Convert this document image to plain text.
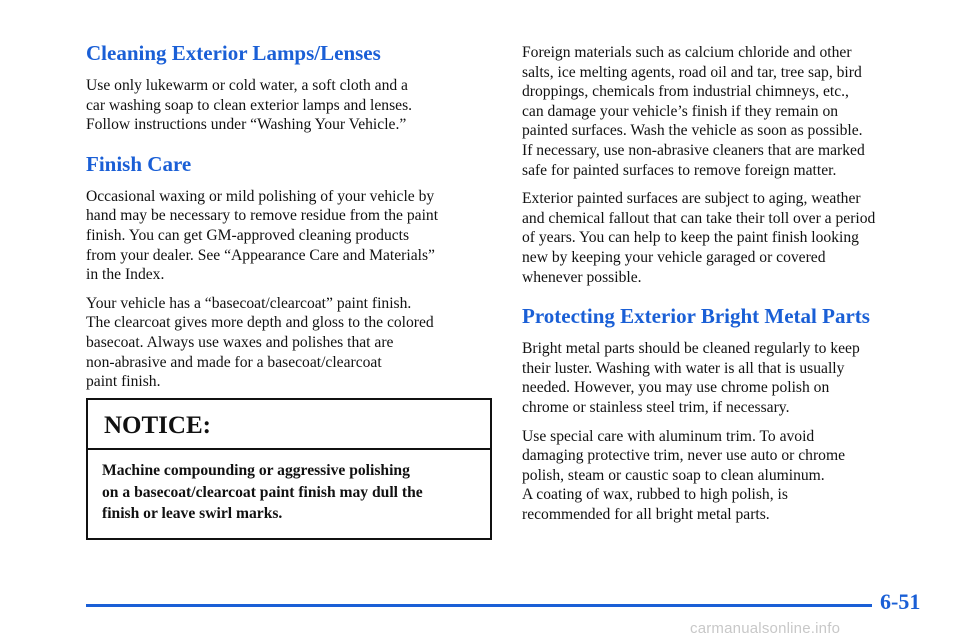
Cleaning Exterior Lamps/Lenses

Use only lukewarm or cold water, a soft cloth and a
car washing soap to clean exterior lamps and lenses.
Follow instructions under “Washing Your Vehicle.”

Finish Care

Occasional waxing or mild polishing of your vehicle by
hand may be necessary to remove residue from the paint
finish. You can get GM-approved cleaning products
from your dealer. See “Appearance Care and Materials”
in the Index.

Your vehicle has a “basecoat/clearcoat” paint finish.
The clearcoat gives more depth and gloss to the colored
basecoat. Always use waxes and polishes that are
non-abrasive and made for a basecoat/clearcoat
paint finish.

NOTICE:
Machine compounding or aggressive polishing
on a basecoat/clearcoat paint finish may dull the
finish or leave swirl marks.

Foreign materials such as calcium chloride and other
salts, ice melting agents, road oil and tar, tree sap, bird
droppings, chemicals from industrial chimneys, etc.,
can damage your vehicle’s finish if they remain on
painted surfaces. Wash the vehicle as soon as possible.
If necessary, use non-abrasive cleaners that are marked
safe for painted surfaces to remove foreign matter.

Exterior painted surfaces are subject to aging, weather
and chemical fallout that can take their toll over a period
of years. You can help to keep the paint finish looking
new by keeping your vehicle garaged or covered
whenever possible.

Protecting Exterior Bright Metal Parts

Bright metal parts should be cleaned regularly to keep
their luster. Washing with water is all that is usually
needed. However, you may use chrome polish on
chrome or stainless steel trim, if necessary.

Use special care with aluminum trim. To avoid
damaging protective trim, never use auto or chrome
polish, steam or caustic soap to clean aluminum.
A coating of wax, rubbed to high polish, is
recommended for all bright metal parts.

6-51
carmanualsonline.info
